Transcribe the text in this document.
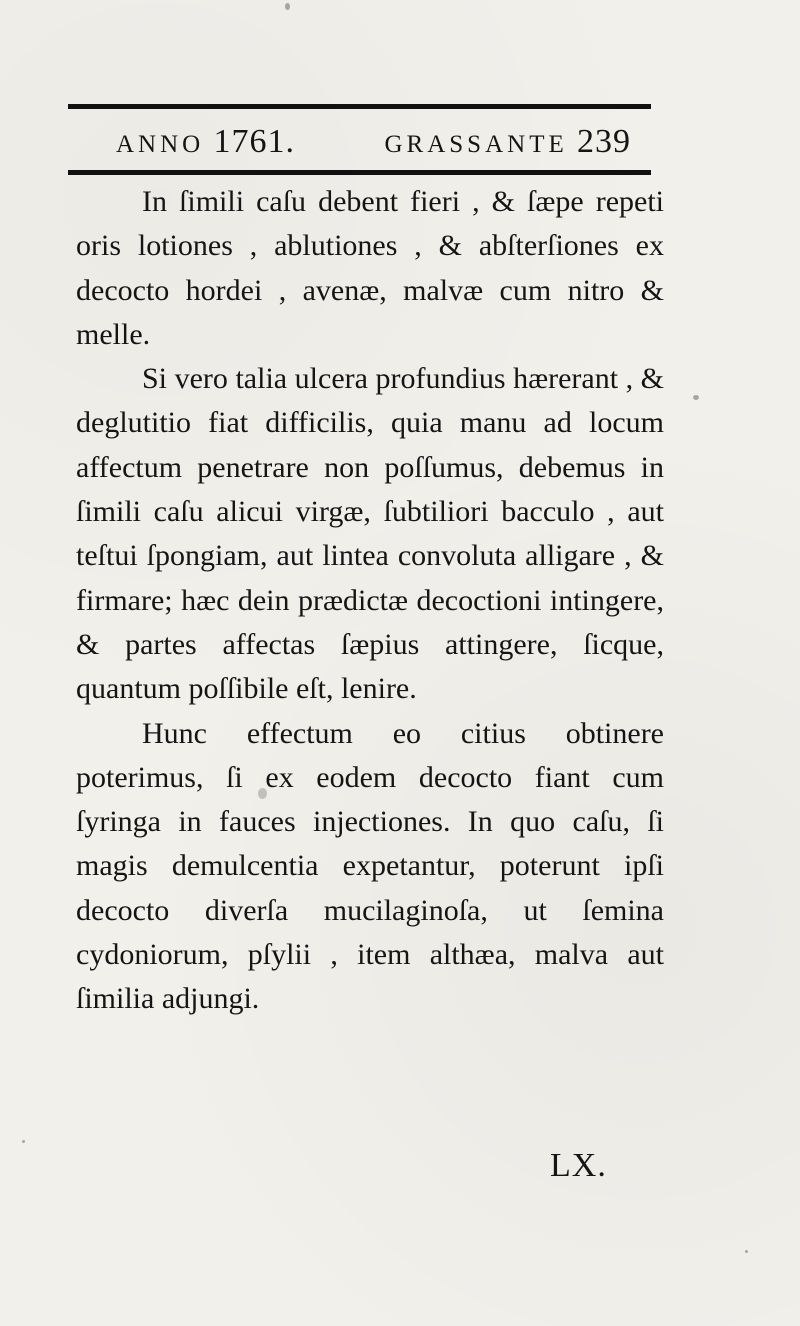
ANNO 1761.	GRASSANTE 239

In ſimili caſu debent fieri , & ſæpe repeti oris lotiones , ablutiones , & abſterſiones ex decocto hordei , avenæ, malvæ cum nitro & melle.

Si vero talia ulcera profundius hærerant , & deglutitio fiat difficilis, quia manu ad locum affectum penetrare non poſſumus, debemus in ſimili caſu alicui virgæ, ſubtiliori bacculo , aut teſtui ſpongiam, aut lintea convoluta alligare , & firmare; hæc dein prædictæ decoctioni intingere, & partes affectas ſæpius attingere, ſicque, quantum poſſibile eſt, lenire.

Hunc effectum eo citius obtinere poterimus, ſi ex eodem decocto fiant cum ſyringa in fauces injectiones. In quo caſu, ſi magis demulcentia expetantur, poterunt ipſi decocto diverſa mucilaginoſa, ut ſemina cydoniorum, pſylii , item althæa, malva aut ſimilia adjungi.

LX.
